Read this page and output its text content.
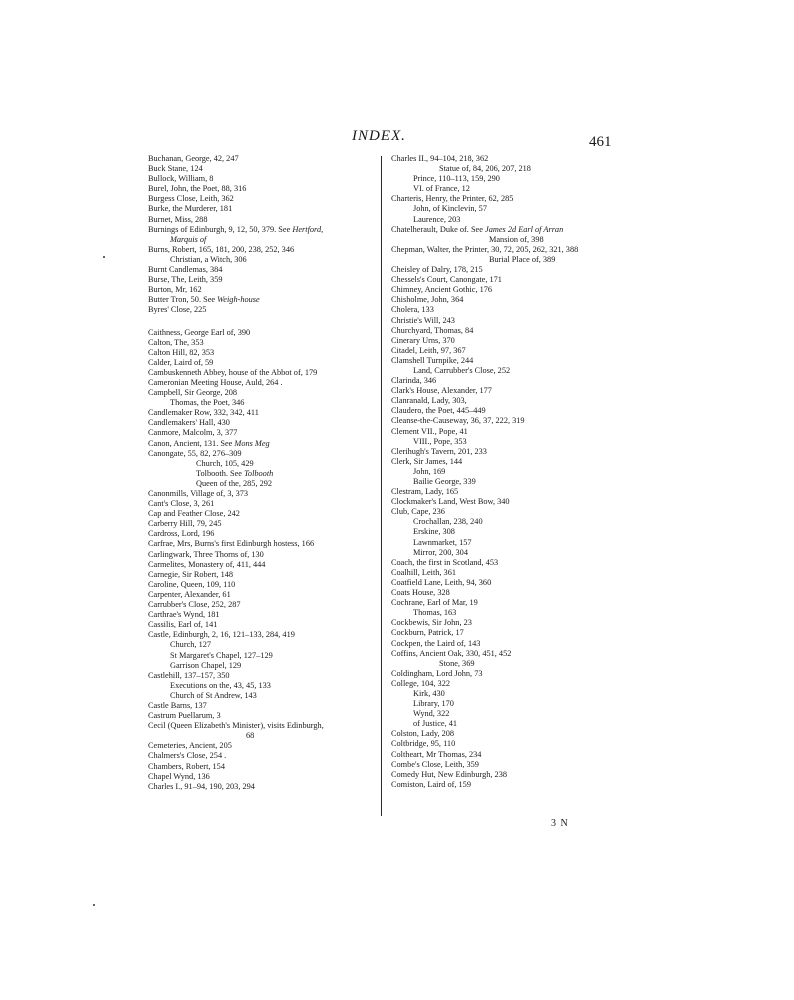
INDEX.	461
Buchanan, George, 42, 247
Buck Stane, 124
Bullock, William, 8
Burel, John, the Poet, 88, 316
Burgess Close, Leith, 362
Burke, the Murderer, 181
Burnet, Miss, 288
Burnings of Edinburgh, 9, 12, 50, 379. See Hertford,
Marquis of
Burns, Robert, 165, 181, 200, 238, 252, 346
Christian, a Witch, 306
Burnt Candlemas, 384
Burse, The, Leith, 359
Burton, Mr, 162
Butter Tron, 50. See Weigh-house
Byres' Close, 225
Caithness, George Earl of, 390
Calton, The, 353
Calton Hill, 82, 353
Calder, Laird of, 59
Cambuskenneth Abbey, house of the Abbot of, 179
Cameronian Meeting House, Auld, 264 .
Campbell, Sir George, 208
Thomas, the Poet, 346
Candlemaker Row, 332, 342, 411
Candlemakers' Hall, 430
Canmore, Malcolm, 3, 377
Canon, Ancient, 131. See Mons Meg
Canongate, 55, 82, 276–309
Church, 105, 429
Tolbooth. See Tolbooth
Queen of the, 285, 292
Canonmills, Village of, 3, 373
Cant's Close, 3, 261
Cap and Feather Close, 242
Carberry Hill, 79, 245
Cardross, Lord, 196
Carfrae, Mrs, Burns's first Edinburgh hostess, 166
Carlingwark, Three Thorns of, 130
Carmelites, Monastery of, 411, 444
Carnegie, Sir Robert, 148
Caroline, Queen, 109, 110
Carpenter, Alexander, 61
Carrubber's Close, 252, 287
Carthrae's Wynd, 181
Cassilis, Earl of, 141
Castle, Edinburgh, 2, 16, 121–133, 284, 419
Church, 127
St Margaret's Chapel, 127–129
Garrison Chapel, 129
Castlehill, 137–157, 350
Executions on the, 43, 45, 133
Church of St Andrew, 143
Castle Barns, 137
Castrum Puellarum, 3
Cecil (Queen Elizabeth's Minister), visits Edinburgh,
68
Cemeteries, Ancient, 205
Chalmers's Close, 254 .
Chambers, Robert, 154
Chapel Wynd, 136
Charles I., 91–94, 190, 203, 294
Charles II., 94–104, 218, 362
Statue of, 84, 206, 207, 218
Prince, 110–113, 159, 290
VI. of France, 12
Charteris, Henry, the Printer, 62, 285
John, of Kinclevin, 57
Laurence, 203
Chatelherault, Duke of. See James 2d Earl of Arran
Mansion of, 398
Chepman, Walter, the Printer, 30, 72, 205, 262, 321, 388
Burial Place of, 389
Cheisley of Dalry, 178, 215
Chessels's Court, Canongate, 171
Chimney, Ancient Gothic, 176
Chisholme, John, 364
Cholera, 133
Christie's Will, 243
Churchyard, Thomas, 84
Cinerary Urns, 370
Citadel, Leith, 97, 367
Clamshell Turnpike, 244
Land, Carrubber's Close, 252
Clarinda, 346
Clark's House, Alexander, 177
Clanranald, Lady, 303,
Claudero, the Poet, 445–449
Cleanse-the-Causeway, 36, 37, 222, 319
Clement VII., Pope, 41
VIII., Pope, 353
Clerihugh's Tavern, 201, 233
Clerk, Sir James, 144
John, 169
Bailie George, 339
Clestram, Lady, 165
Clockmaker's Land, West Bow, 340
Club, Cape, 236
Crochallan, 238, 240
Erskine, 308
Lawnmarket, 157
Mirror, 200, 304
Coach, the first in Scotland, 453
Coalhill, Leith, 361
Coatfield Lane, Leith, 94, 360
Coats House, 328
Cochrane, Earl of Mar, 19
Thomas, 163
Cockbewis, Sir John, 23
Cockburn, Patrick, 17
Cockpen, the Laird of, 143
Coffins, Ancient Oak, 330, 451, 452
Stone, 369
Coldingham, Lord John, 73
College, 104, 322
Kirk, 430
Library, 170
Wynd, 322
of Justice, 41
Colston, Lady, 208
Coltbridge, 95, 110
Coltheart, Mr Thomas, 234
Combe's Close, Leith, 359
Comedy Hut, New Edinburgh, 238
Comiston, Laird of, 159
3 N
